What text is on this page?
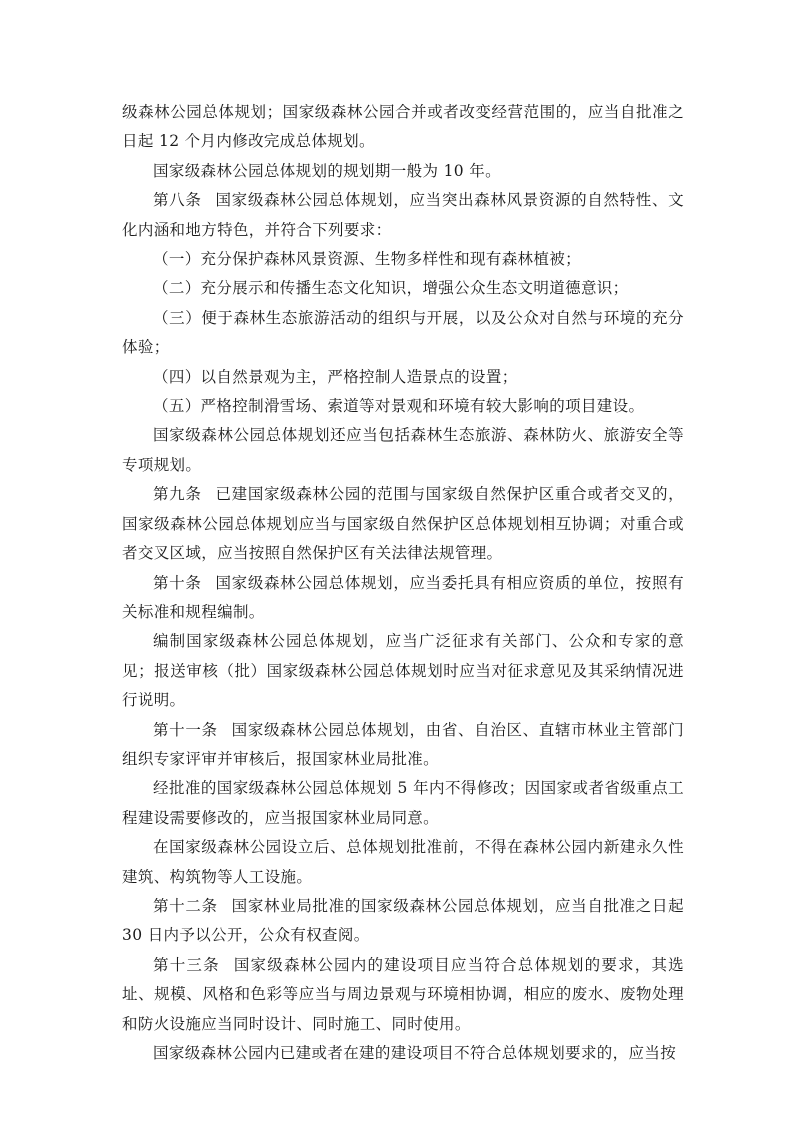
级森林公园总体规划；国家级森林公园合并或者改变经营范围的，应当自批准之日起 12 个月内修改完成总体规划。

国家级森林公园总体规划的规划期一般为 10 年。

第八条 国家级森林公园总体规划，应当突出森林风景资源的自然特性、文化内涵和地方特色，并符合下列要求：

（一）充分保护森林风景资源、生物多样性和现有森林植被；

（二）充分展示和传播生态文化知识，增强公众生态文明道德意识；

（三）便于森林生态旅游活动的组织与开展，以及公众对自然与环境的充分体验；

（四）以自然景观为主，严格控制人造景点的设置；

（五）严格控制滑雪场、索道等对景观和环境有较大影响的项目建设。

国家级森林公园总体规划还应当包括森林生态旅游、森林防火、旅游安全等专项规划。

第九条 已建国家级森林公园的范围与国家级自然保护区重合或者交叉的，国家级森林公园总体规划应当与国家级自然保护区总体规划相互协调；对重合或者交叉区域，应当按照自然保护区有关法律法规管理。

第十条 国家级森林公园总体规划，应当委托具有相应资质的单位，按照有关标准和规程编制。

编制国家级森林公园总体规划，应当广泛征求有关部门、公众和专家的意见；报送审核（批）国家级森林公园总体规划时应当对征求意见及其采纳情况进行说明。

第十一条 国家级森林公园总体规划，由省、自治区、直辖市林业主管部门组织专家评审并审核后，报国家林业局批准。

经批准的国家级森林公园总体规划 5 年内不得修改；因国家或者省级重点工程建设需要修改的，应当报国家林业局同意。

在国家级森林公园设立后、总体规划批准前，不得在森林公园内新建永久性建筑、构筑物等人工设施。

第十二条 国家林业局批准的国家级森林公园总体规划，应当自批准之日起 30 日内予以公开，公众有权查阅。

第十三条 国家级森林公园内的建设项目应当符合总体规划的要求，其选址、规模、风格和色彩等应当与周边景观与环境相协调，相应的废水、废物处理和防火设施应当同时设计、同时施工、同时使用。

国家级森林公园内已建或者在建的建设项目不符合总体规划要求的，应当按
